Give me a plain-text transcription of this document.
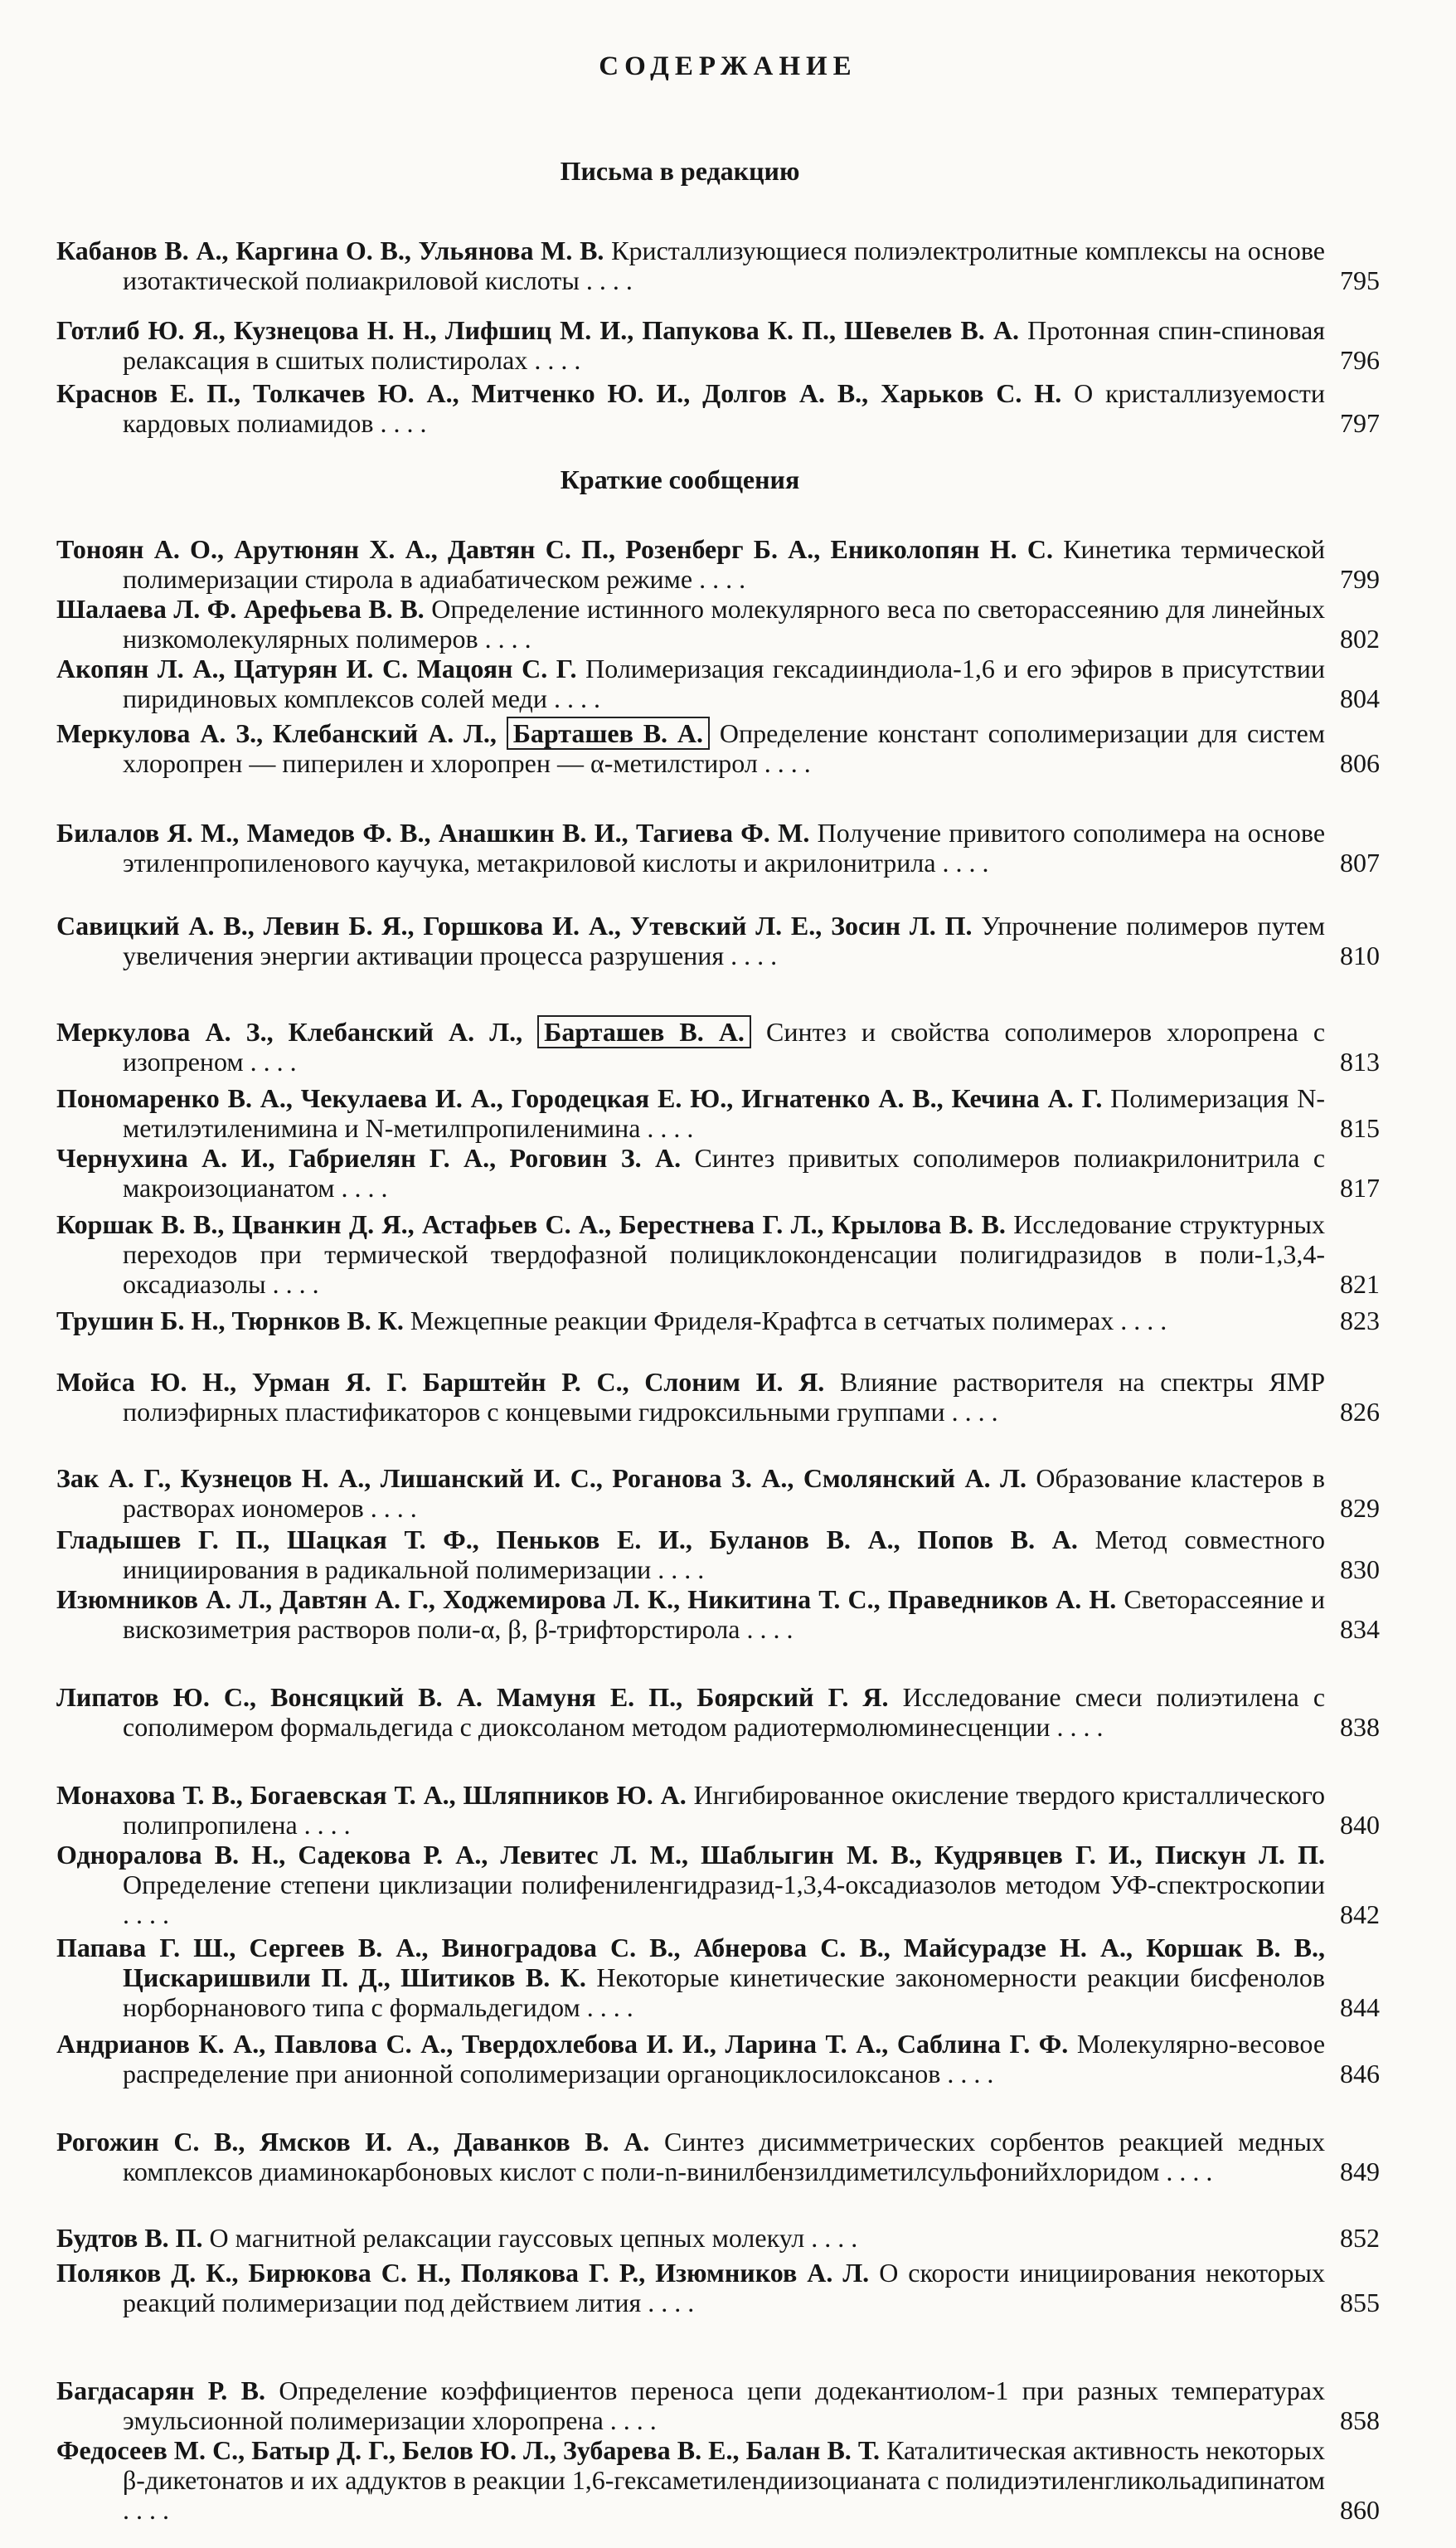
СОДЕРЖАНИЕ
Письма в редакцию
Кабанов В. А., Каргина О. В., Ульянова М. В. Кристаллизующиеся полиэлектролитные комплексы на основе изотактической полиакриловой кислоты . . . .	795
Готлиб Ю. Я., Кузнецова Н. Н., Лифшиц М. И., Папукова К. П., Шевелев В. А. Протонная спин-спиновая релаксация в сшитых полистиролах . . . .	796
Краснов Е. П., Толкачев Ю. А., Митченко Ю. И., Долгов А. В., Харьков С. Н. О кристаллизуемости кардовых полиамидов . . . .	797
Краткие сообщения
Тоноян А. О., Арутюнян Х. А., Давтян С. П., Розенберг Б. А., Ениколопян Н. С. Кинетика термической полимеризации стирола в адиабатическом режиме . . . .	799
Шалаева Л. Ф. Арефьева В. В. Определение истинного молекулярного веса по светорассеянию для линейных низкомолекулярных полимеров . . . .	802
Акопян Л. А., Цатурян И. С. Мацоян С. Г. Полимеризация гексадииндиола-1,6 и его эфиров в присутствии пиридиновых комплексов солей меди . . . .	804
Меркулова А. З., Клебанский А. Л., Барташев В. А. Определение констант сополимеризации для систем хлоропрен — пиперилен и хлоропрен — α-метилстирол . . . .	806
Билалов Я. М., Мамедов Ф. В., Анашкин В. И., Тагиева Ф. М. Получение привитого сополимера на основе этиленпропиленового каучука, метакриловой кислоты и акрилонитрила . . . .	807
Савицкий А. В., Левин Б. Я., Горшкова И. А., Утевский Л. Е., Зосин Л. П. Упрочнение полимеров путем увеличения энергии активации процесса разрушения . . . .	810
Меркулова А. З., Клебанский А. Л., Барташев В. А. Синтез и свойства сополимеров хлоропрена с изопреном . . . .	813
Пономаренко В. А., Чекулаева И. А., Городецкая Е. Ю., Игнатенко А. В., Кечина А. Г. Полимеризация N-метилэтиленимина и N-метилпропиленимина . . . .	815
Чернухина А. И., Габриелян Г. А., Роговин З. А. Синтез привитых сополимеров полиакрилонитрила с макроизоцианатом . . . .	817
Коршак В. В., Цванкин Д. Я., Астафьев С. А., Берестнева Г. Л., Крылова В. В. Исследование структурных переходов при термической твердофазной полициклоконденсации полигидразидов в поли-1,3,4-оксадиазолы . . . .	821
Трушин Б. Н., Тюрнков В. К. Межцепные реакции Фриделя-Крафтса в сетчатых полимерах . . . .	823
Мойса Ю. Н., Урман Я. Г. Барштейн Р. С., Слоним И. Я. Влияние растворителя на спектры ЯМР полиэфирных пластификаторов с концевыми гидроксильными группами . . . .	826
Зак А. Г., Кузнецов Н. А., Лишанский И. С., Роганова З. А., Смолянский А. Л. Образование кластеров в растворах иономеров . . . .	829
Гладышев Г. П., Шацкая Т. Ф., Пеньков Е. И., Буланов В. А., Попов В. А. Метод совместного инициирования в радикальной полимеризации . . . .	830
Изюмников А. Л., Давтян А. Г., Ходжемирова Л. К., Никитина Т. С., Праведников А. Н. Светорассеяние и вискозиметрия растворов поли-α, β, β-трифторстирола . . . .	834
Липатов Ю. С., Вонсяцкий В. А. Мамуня Е. П., Боярский Г. Я. Исследование смеси полиэтилена с сополимером формальдегида с диоксоланом методом радиотермолюминесценции . . . .	838
Монахова Т. В., Богаевская Т. А., Шляпников Ю. А. Ингибированное окисление твердого кристаллического полипропилена . . . .	840
Одноралова В. Н., Садекова Р. А., Левитес Л. М., Шаблыгин М. В., Кудрявцев Г. И., Пискун Л. П. Определение степени циклизации полифениленгидразид-1,3,4-оксадиазолов методом УФ-спектроскопии . . . .	842
Папава Г. Ш., Сергеев В. А., Виноградова С. В., Абнерова С. В., Майсурадзе Н. А., Коршак В. В., Цискаришвили П. Д., Шитиков В. К. Некоторые кинетические закономерности реакции бисфенолов норборнанового типа с формальдегидом . . . .	844
Андрианов К. А., Павлова С. А., Твердохлебова И. И., Ларина Т. А., Саблина Г. Ф. Молекулярно-весовое распределение при анионной сополимеризации органоциклосилоксанов . . . .	846
Рогожин С. В., Ямсков И. А., Даванков В. А. Синтез дисимметрических сорбентов реакцией медных комплексов диаминокарбоновых кислот с поли-n-винилбензилдиметилсульфонийхлоридом . . . .	849
Будтов В. П. О магнитной релаксации гауссовых цепных молекул . . . .	852
Поляков Д. К., Бирюкова С. Н., Полякова Г. Р., Изюмников А. Л. О скорости инициирования некоторых реакций полимеризации под действием лития . . . .	855
Багдасарян Р. В. Определение коэффициентов переноса цепи додекантиолом-1 при разных температурах эмульсионной полимеризации хлоропрена . . . .	858
Федосеев М. С., Батыр Д. Г., Белов Ю. Л., Зубарева В. Е., Балан В. Т. Каталитическая активность некоторых β-дикетонатов и их аддуктов в реакции 1,6-гексаметилендиизоцианата с полидиэтиленгликольадипинатом . . . .	860
